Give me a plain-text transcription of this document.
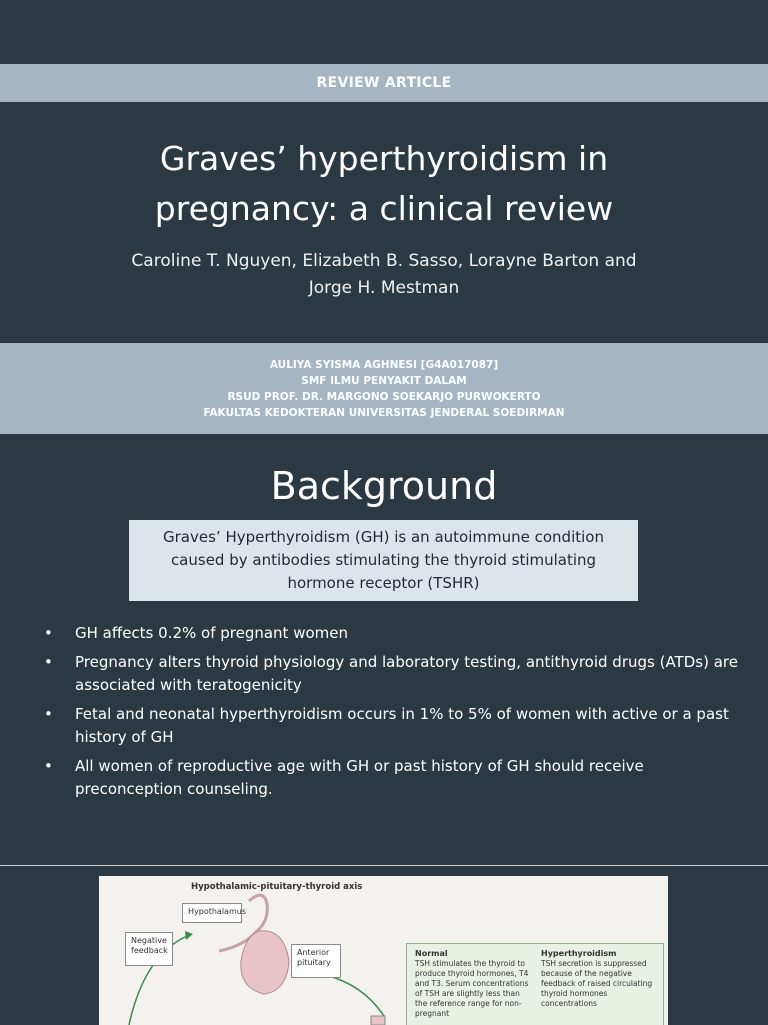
REVIEW ARTICLE
Graves’ hyperthyroidism in
pregnancy: a clinical review
Caroline T. Nguyen, Elizabeth B. Sasso, Lorayne Barton and
Jorge H. Mestman
AULIYA SYISMA AGHNESI [G4A017087]
SMF ILMU PENYAKIT DALAM
RSUD PROF. DR. MARGONO SOEKARJO PURWOKERTO
FAKULTAS KEDOKTERAN UNIVERSITAS JENDERAL SOEDIRMAN
Background
Graves’ Hyperthyroidism (GH) is an autoimmune condition caused by antibodies stimulating the thyroid stimulating hormone receptor (TSHR)
• GH affects 0.2% of pregnant women
• Pregnancy alters thyroid physiology and laboratory testing, antithyroid drugs (ATDs) are associated with teratogenicity
• Fetal and neonatal hyperthyroidism occurs in 1% to 5% of women with active or a past history of GH
• All women of reproductive age with GH or past history of GH should receive preconception counseling.
Hypothalamic-pituitary-thyroid axis
Hypothalamus
Negative feedback	Anterior pituitary
Normal
TSH stimulates the thyroid to produce thyroid hormones, T4 and T3. Serum concentrations of TSH are slightly less than the reference range for non-pregnant
Hyperthyroidism
TSH secretion is suppressed because of the negative feedback of raised circulating thyroid hormones concentrations
